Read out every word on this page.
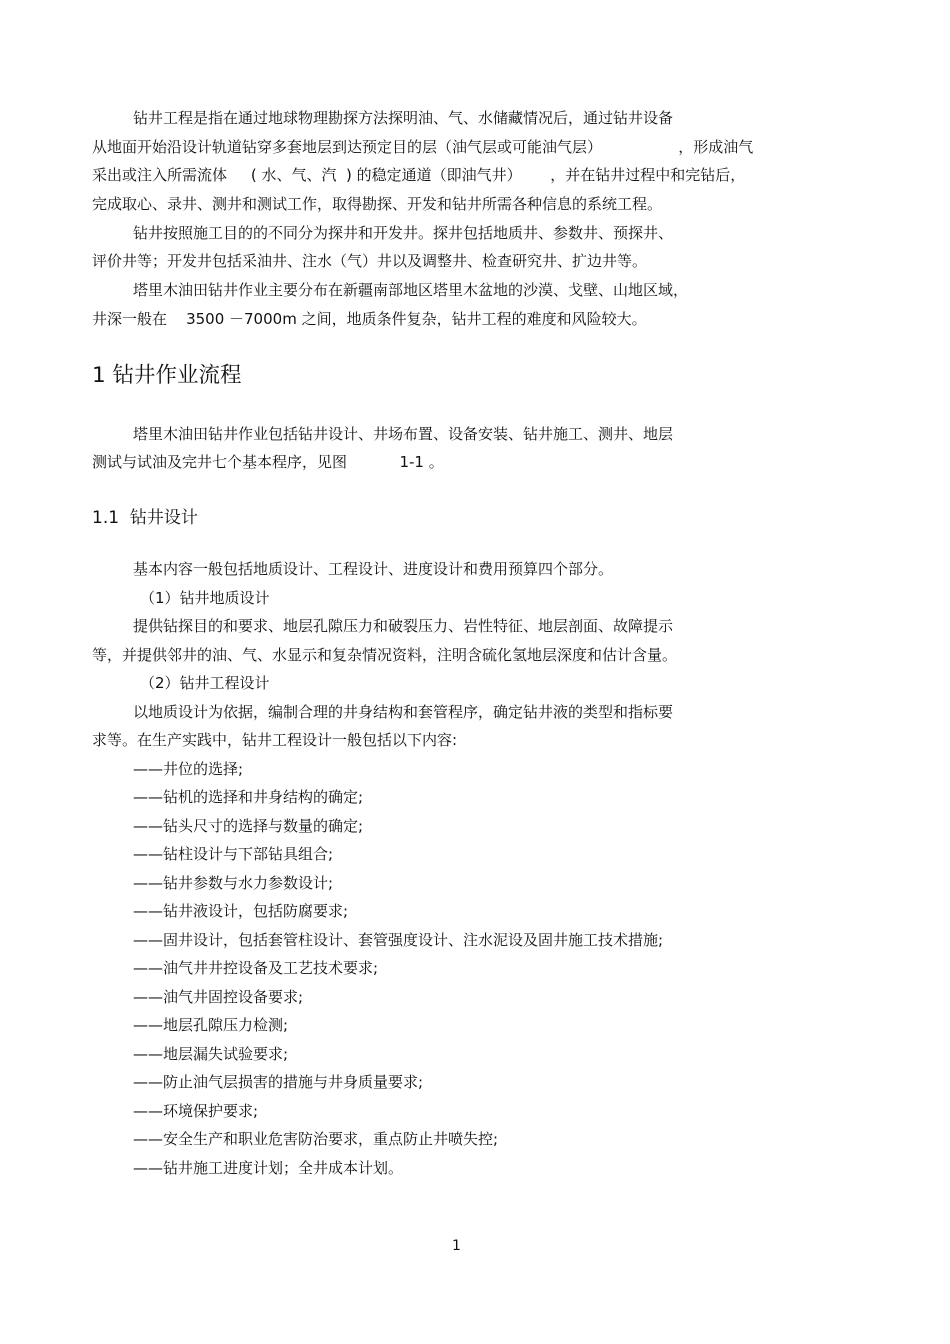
钻井工程是指在通过地球物理勘探方法探明油、气、水储藏情况后，通过钻井设备
从地面开始沿设计轨道钻穿多套地层到达预定目的层（油气层或可能油气层）                ，形成油气
采出或注入所需流体     ( 水、气、汽  ) 的稳定通道（即油气井）      ，并在钻井过程中和完钻后，
完成取心、录井、测井和测试工作，取得勘探、开发和钻井所需各种信息的系统工程。
钻井按照施工目的的不同分为探井和开发井。探井包括地质井、参数井、预探井、
评价井等；开发井包括采油井、注水（气）井以及调整井、检查研究井、扩边井等。
塔里木油田钻井作业主要分布在新疆南部地区塔里木盆地的沙漠、戈壁、山地区域，
井深一般在    3500 －7000m 之间，地质条件复杂，钻井工程的难度和风险较大。
1 钻井作业流程
塔里木油田钻井作业包括钻井设计、井场布置、设备安装、钻井施工、测井、地层
测试与试油及完井七个基本程序，见图           1-1 。
1.1  钻井设计
基本内容一般包括地质设计、工程设计、进度设计和费用预算四个部分。
（1）钻井地质设计
提供钻探目的和要求、地层孔隙压力和破裂压力、岩性特征、地层剖面、故障提示
等，并提供邻井的油、气、水显示和复杂情况资料，注明含硫化氢地层深度和估计含量。
（2）钻井工程设计
以地质设计为依据，编制合理的井身结构和套管程序，确定钻井液的类型和指标要
求等。在生产实践中，钻井工程设计一般包括以下内容:
——井位的选择;
——钻机的选择和井身结构的确定;
——钻头尺寸的选择与数量的确定;
——钻柱设计与下部钻具组合;
——钻井参数与水力参数设计;
——钻井液设计，包括防腐要求;
——固井设计，包括套管柱设计、套管强度设计、注水泥设及固井施工技术措施;
——油气井井控设备及工艺技术要求;
——油气井固控设备要求;
——地层孔隙压力检测;
——地层漏失试验要求;
——防止油气层损害的措施与井身质量要求;
——环境保护要求;
——安全生产和职业危害防治要求，重点防止井喷失控;
——钻井施工进度计划；全井成本计划。
1
